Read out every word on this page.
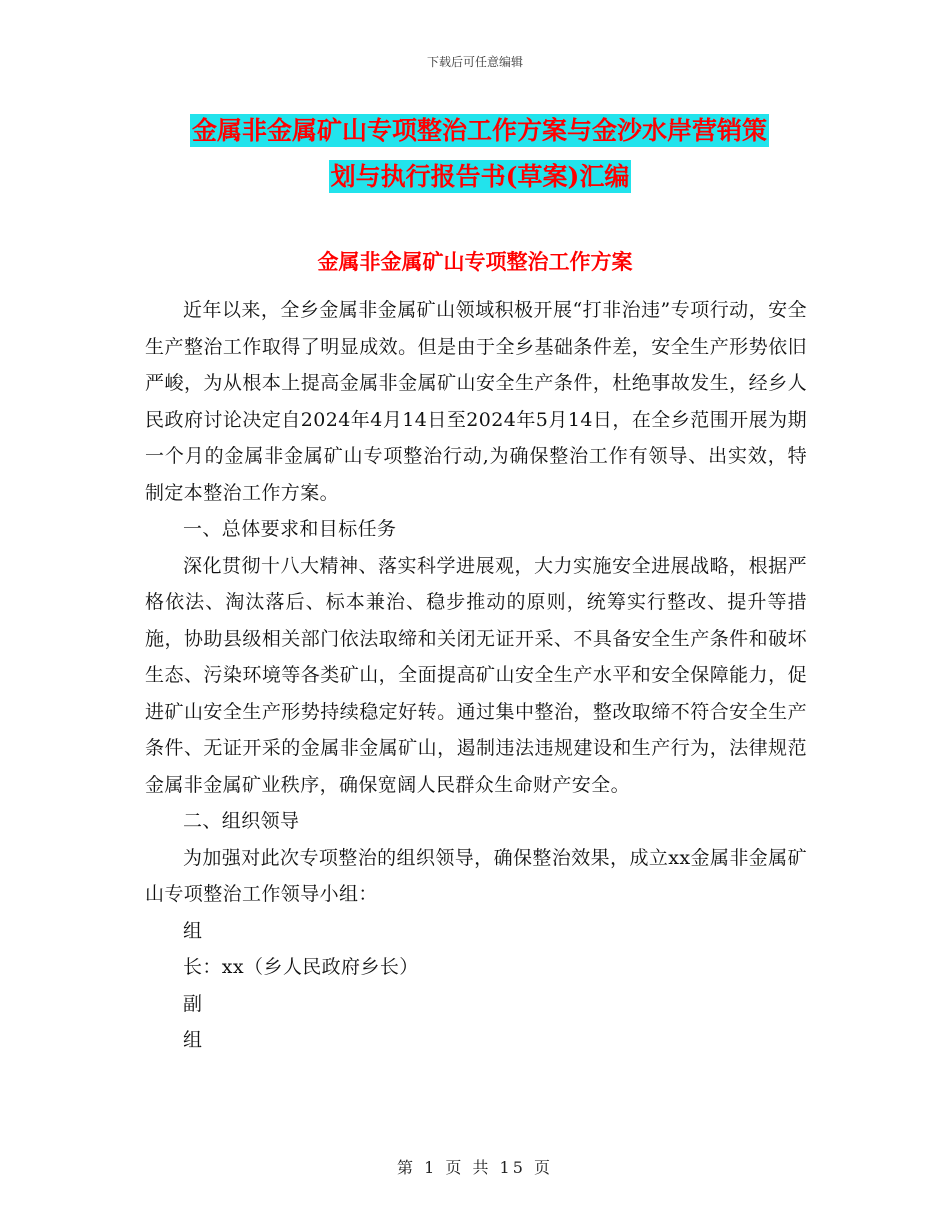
下载后可任意编辑
金属非金属矿山专项整治工作方案与金沙水岸营销策
划与执行报告书(草案)汇编
金属非金属矿山专项整治工作方案

近年以来，全乡金属非金属矿山领域积极开展“打非治违”专项行动，安全生产整治工作取得了明显成效。但是由于全乡基础条件差，安全生产形势依旧严峻，为从根本上提高金属非金属矿山安全生产条件，杜绝事故发生，经乡人民政府讨论决定自2024年4月14日至2024年5月14日，在全乡范围开展为期一个月的金属非金属矿山专项整治行动,为确保整治工作有领导、出实效，特制定本整治工作方案。

一、总体要求和目标任务

深化贯彻十八大精神、落实科学进展观，大力实施安全进展战略，根据严格依法、淘汰落后、标本兼治、稳步推动的原则，统筹实行整改、提升等措施，协助县级相关部门依法取缔和关闭无证开采、不具备安全生产条件和破坏生态、污染环境等各类矿山，全面提高矿山安全生产水平和安全保障能力，促进矿山安全生产形势持续稳定好转。通过集中整治，整改取缔不符合安全生产条件、无证开采的金属非金属矿山，遏制违法违规建设和生产行为，法律规范金属非金属矿业秩序，确保宽阔人民群众生命财产安全。

二、组织领导

为加强对此次专项整治的组织领导，确保整治效果，成立xx金属非金属矿山专项整治工作领导小组：

组
长：xx（乡人民政府乡长）
副
组
第 1 页 共 15 页
